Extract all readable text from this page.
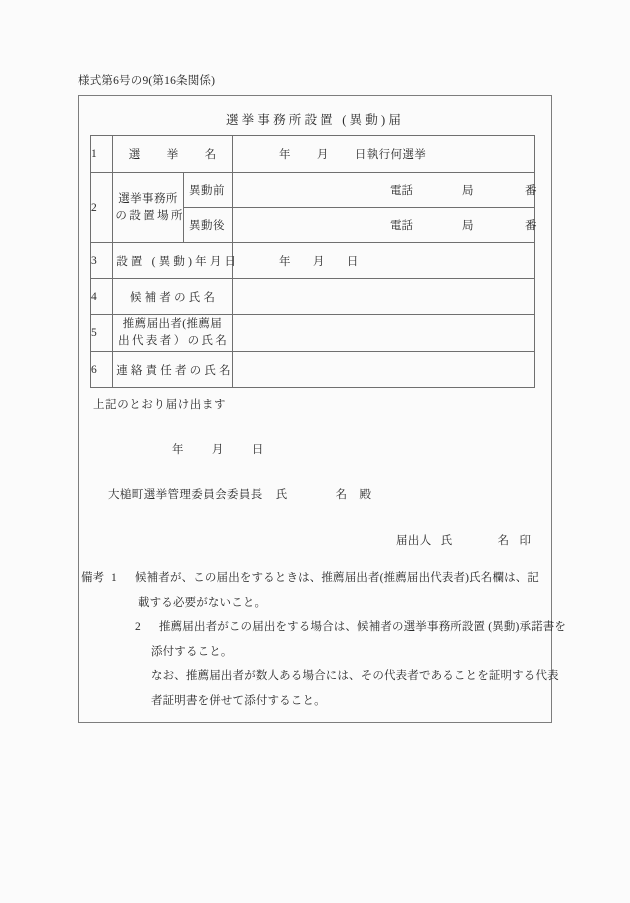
様式第6号の9(第16条関係)
選挙事務所設置 (異動)届
1	選　挙　名		年 月 日執行何選挙

2	選挙事務所
の設置場所	異動前	電話 局 番

		異動後	電話 局 番

3	設置 (異動)年月日		年 月 日

4	候補者の氏名		

5	推薦届出者(推薦届
出代表者）の氏名		

6	連絡責任者の氏名		

上記のとおり届け出ます
年 月 日
大槌町選挙管理委員会委員長 氏	名 殿
届出人 氏	名 印
備考 1 候補者が、この届出をするときは、推薦届出者(推薦届出代表者)氏名欄は、記
載する必要がないこと。
2 推薦届出者がこの届出をする場合は、候補者の選挙事務所設置 (異動)承諾書を
添付すること。
なお、推薦届出者が数人ある場合には、その代表者であることを証明する代表
者証明書を併せて添付すること。
